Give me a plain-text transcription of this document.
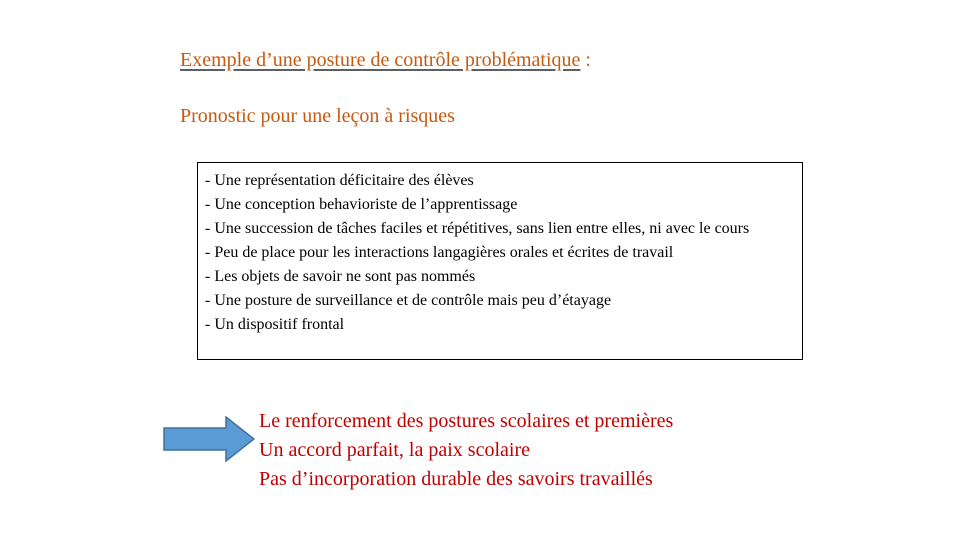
Exemple d’une posture de contrôle problématique :
Pronostic pour une leçon à risques
- Une représentation déficitaire des élèves
- Une conception behavioriste de l’apprentissage
- Une succession de tâches faciles et répétitives, sans lien entre elles, ni avec le cours
- Peu de place pour les interactions langagières orales et écrites de travail
- Les objets de savoir ne sont pas nommés
- Une posture de surveillance et de contrôle mais peu d’étayage
- Un dispositif frontal
Le renforcement des postures scolaires et premières
Un accord parfait, la paix scolaire
Pas d’incorporation durable des savoirs travaillés
